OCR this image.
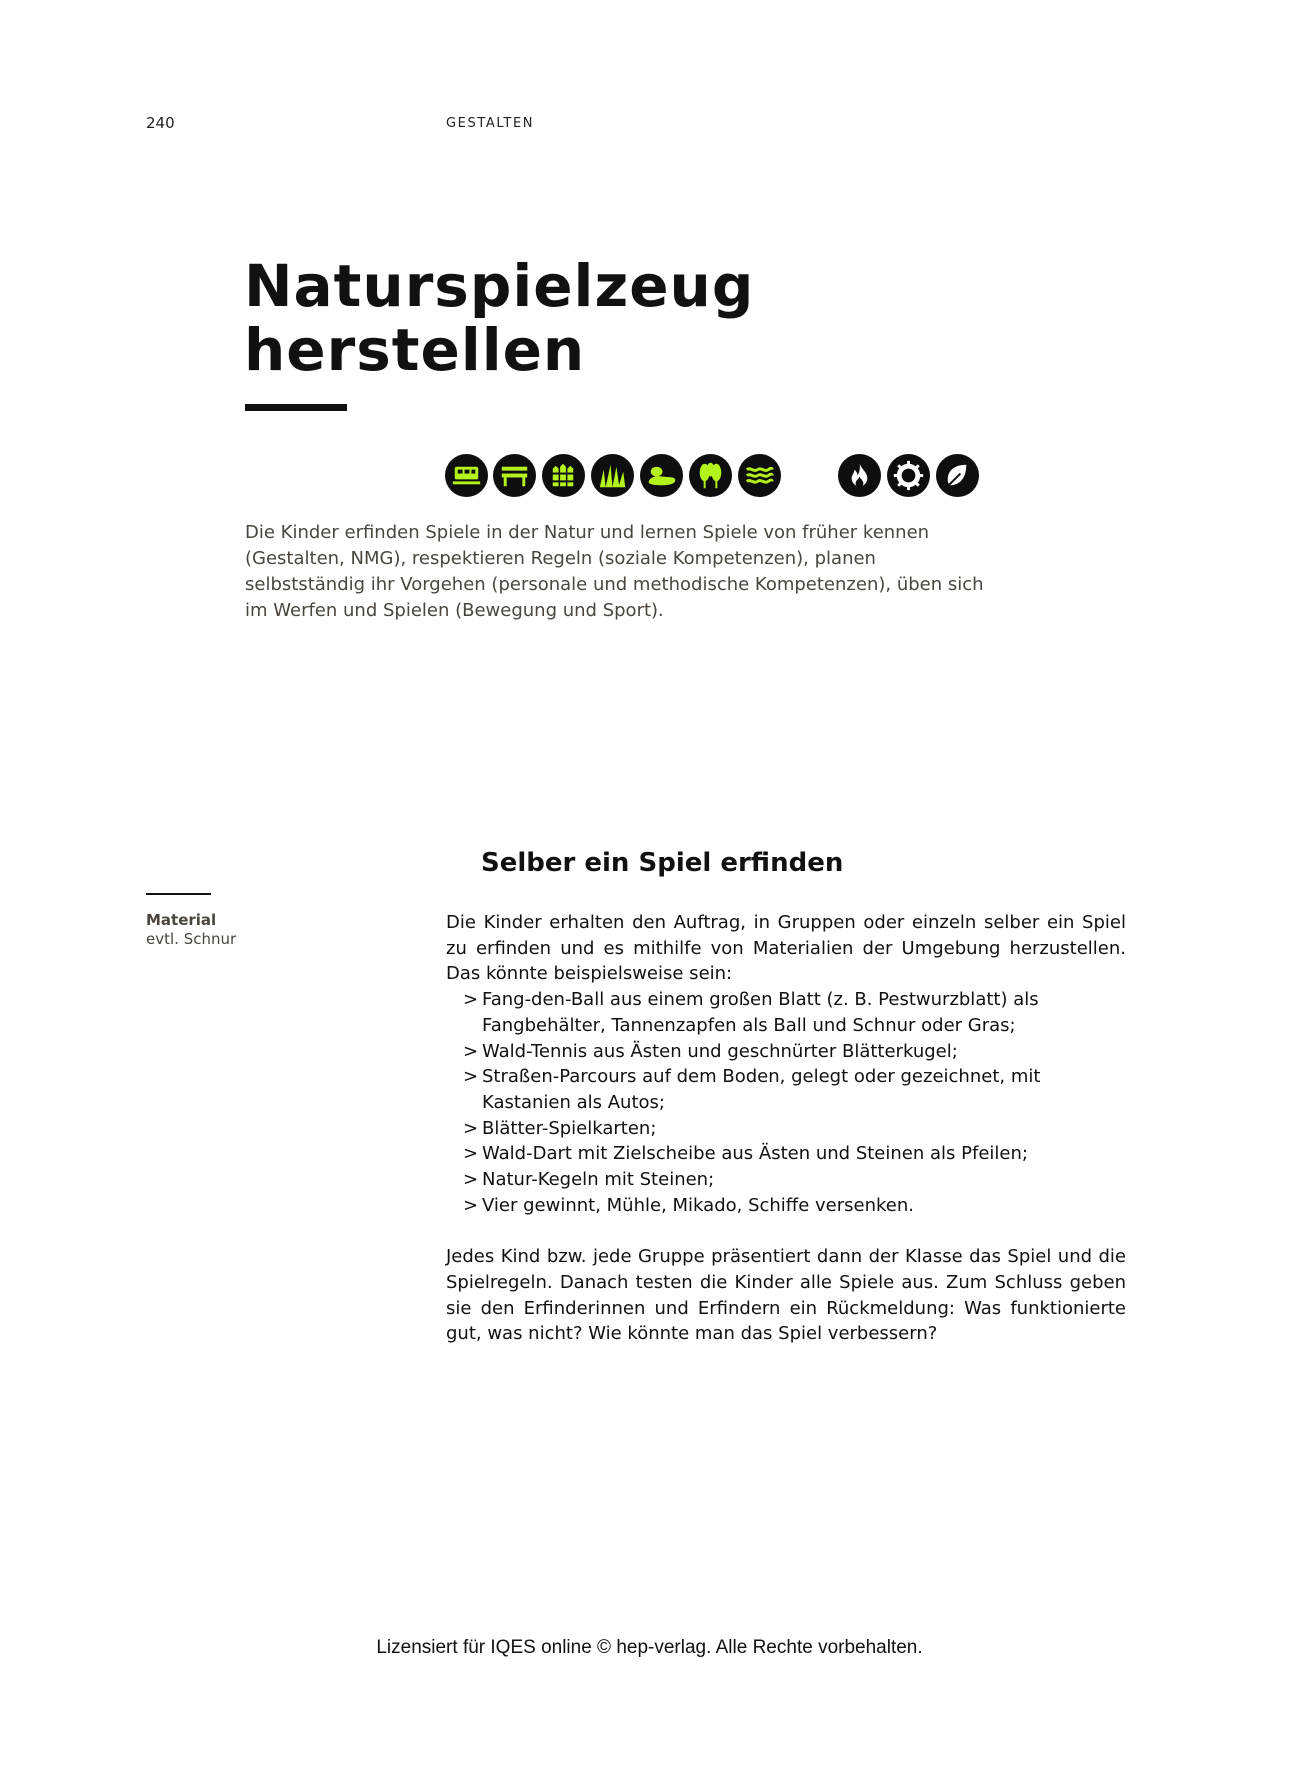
240	GESTALTEN
Naturspielzeug
herstellen

Die Kinder erfinden Spiele in der Natur und lernen Spiele von früher kennen (Gestalten, NMG), respektieren Regeln (soziale Kompetenzen), planen selbstständig ihr Vorgehen (personale und methodische Kompetenzen), üben sich im Werfen und Spielen (Bewegung und Sport).

Material
evtl. Schnur
Selber ein Spiel erfinden

Die Kinder erhalten den Auftrag, in Gruppen oder einzeln selber ein Spiel zu erfinden und es mithilfe von Materialien der Umgebung herzustellen. Das könnte beispielsweise sein:

> Fang-den-Ball aus einem großen Blatt (z. B. Pestwurzblatt) als Fangbehälter, Tannenzapfen als Ball und Schnur oder Gras;
> Wald-Tennis aus Ästen und geschnürter Blätterkugel;
> Straßen-Parcours auf dem Boden, gelegt oder gezeichnet, mit Kastanien als Autos;
> Blätter-Spielkarten;
> Wald-Dart mit Zielscheibe aus Ästen und Steinen als Pfeilen;
> Natur-Kegeln mit Steinen;
> Vier gewinnt, Mühle, Mikado, Schiffe versenken.

Jedes Kind bzw. jede Gruppe präsentiert dann der Klasse das Spiel und die Spielregeln. Danach testen die Kinder alle Spiele aus. Zum Schluss geben sie den Erfinderinnen und Erfindern ein Rückmeldung: Was funktionierte gut, was nicht? Wie könnte man das Spiel verbessern?

Lizensiert für IQES online © hep-verlag. Alle Rechte vorbehalten.
